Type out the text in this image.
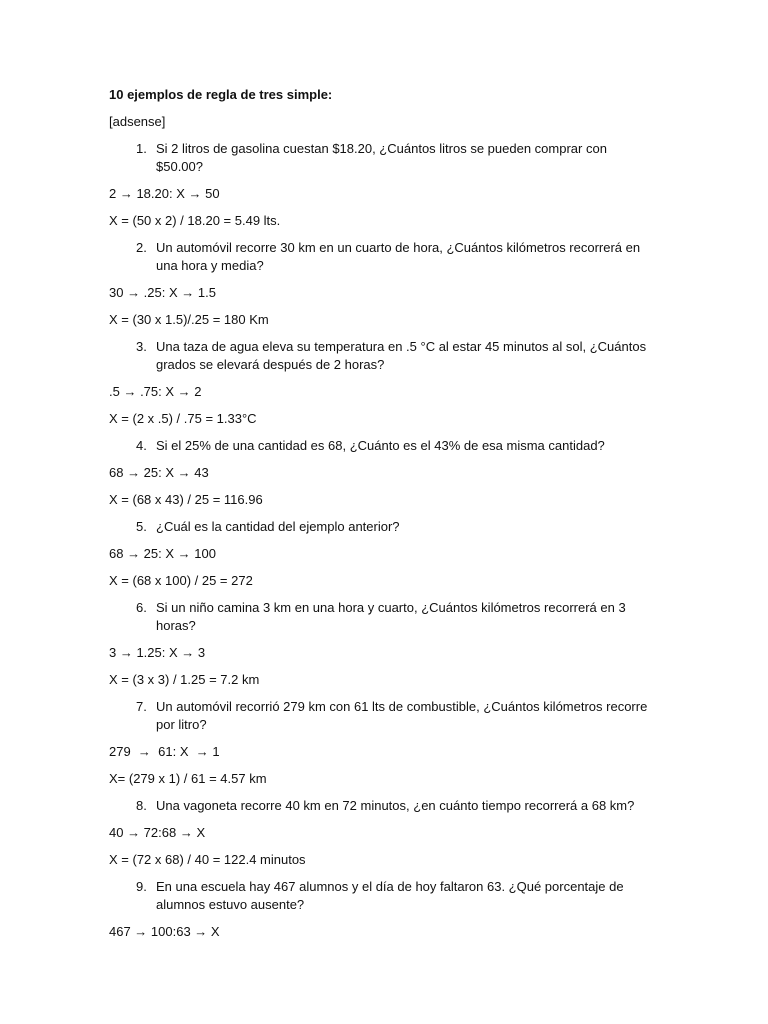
10 ejemplos de regla de tres simple:
[adsense]
1. Si 2 litros de gasolina cuestan $18.20, ¿Cuántos litros se pueden comprar con $50.00?
2 → 18.20: X → 50
X = (50 x 2) / 18.20 = 5.49 lts.
2. Un automóvil recorre 30 km en un cuarto de hora, ¿Cuántos kilómetros recorrerá en una hora y media?
30 → .25: X → 1.5
X = (30 x 1.5)/.25 = 180 Km
3. Una taza de agua eleva su temperatura en .5 °C al estar 45 minutos al sol, ¿Cuántos grados se elevará después de 2 horas?
.5 → .75: X → 2
X = (2 x .5) / .75 = 1.33°C
4. Si el 25% de una cantidad es 68, ¿Cuánto es el 43% de esa misma cantidad?
68 → 25: X → 43
X = (68 x 43) / 25 = 116.96
5. ¿Cuál es la cantidad del ejemplo anterior?
68 → 25: X → 100
X = (68 x 100) / 25 = 272
6. Si un niño camina 3 km en una hora y cuarto, ¿Cuántos kilómetros recorrerá en 3 horas?
3 → 1.25: X → 3
X = (3 x 3) / 1.25 = 7.2 km
7. Un automóvil recorrió 279 km con 61 lts de combustible, ¿Cuántos kilómetros recorre por litro?
279  →  61: X  → 1
X= (279 x 1) / 61 = 4.57 km
8. Una vagoneta recorre 40 km en 72 minutos, ¿en cuánto tiempo recorrerá a 68 km?
40 → 72:68 → X
X = (72 x 68) / 40 = 122.4 minutos
9. En una escuela hay 467 alumnos y el día de hoy faltaron 63. ¿Qué porcentaje de alumnos estuvo ausente?
467 → 100:63 → X
